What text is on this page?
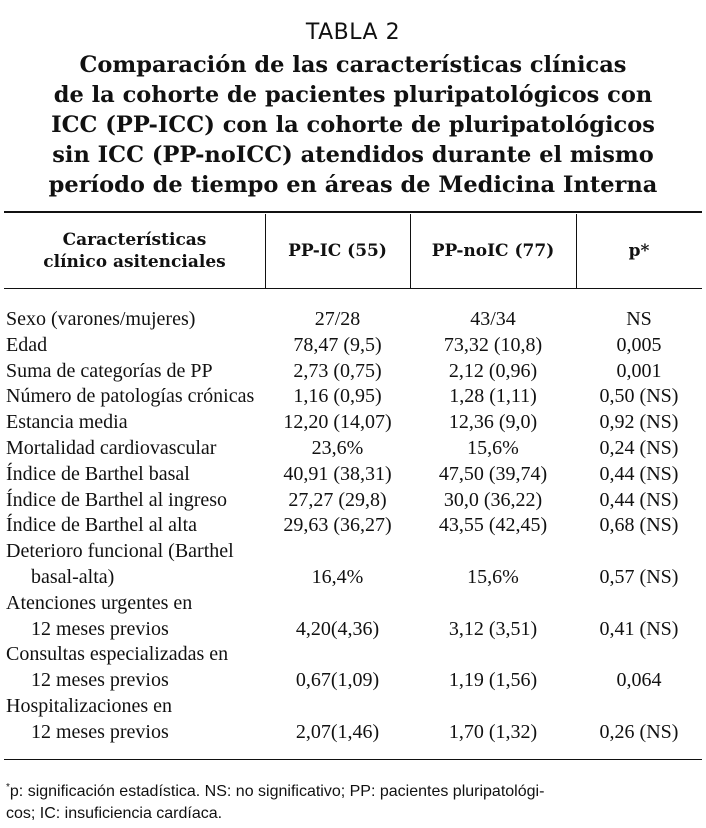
TABLA 2
Comparación de las características clínicas
de la cohorte de pacientes pluripatológicos con
ICC (PP-ICC) con la cohorte de pluripatológicos
sin ICC (PP-noICC) atendidos durante el mismo
período de tiempo en áreas de Medicina Interna
Características
clínico asitenciales
PP-IC (55)	PP-noIC (77)	p*
Sexo (varones/mujeres)	27/28	43/34	NS
Edad	78,47 (9,5)	73,32 (10,8)	0,005
Suma de categorías de PP	2,73 (0,75)	2,12 (0,96)	0,001
Número de patologías crónicas	1,16 (0,95)	1,28 (1,11)	0,50 (NS)
Estancia media	12,20 (14,07)	12,36 (9,0)	0,92 (NS)
Mortalidad cardiovascular	23,6%	15,6%	0,24 (NS)
Índice de Barthel basal	40,91 (38,31)	47,50 (39,74)	0,44 (NS)
Índice de Barthel al ingreso	27,27 (29,8)	30,0 (36,22)	0,44 (NS)
Índice de Barthel al alta	29,63 (36,27)	43,55 (42,45)	0,68 (NS)
Deterioro funcional (Barthel
basal-alta)	16,4%	15,6%	0,57 (NS)
Atenciones urgentes en
12 meses previos	4,20(4,36)	3,12 (3,51)	0,41 (NS)
Consultas especializadas en
12 meses previos	0,67(1,09)	1,19 (1,56)	0,064
Hospitalizaciones en
12 meses previos	2,07(1,46)	1,70 (1,32)	0,26 (NS)
*p: significación estadística. NS: no significativo; PP: pacientes pluripatológi-
cos; IC: insuficiencia cardíaca.
